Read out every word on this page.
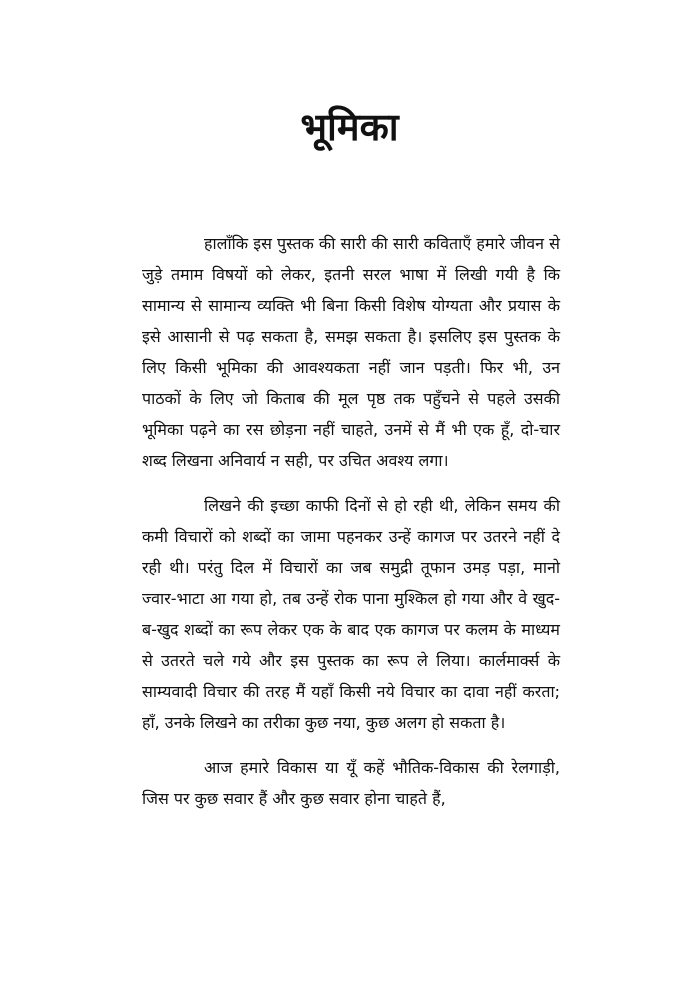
भूमिका

हालाँकि इस पुस्तक की सारी की सारी कविताएँ हमारे जीवन से जुड़े तमाम विषयों को लेकर, इतनी सरल भाषा में लिखी गयी है कि सामान्य से सामान्य व्यक्ति भी बिना किसी विशेष योग्यता और प्रयास के इसे आसानी से पढ़ सकता है, समझ सकता है। इसलिए इस पुस्तक के लिए किसी भूमिका की आवश्यकता नहीं जान पड़ती। फिर भी, उन पाठकों के लिए जो किताब की मूल पृष्ठ तक पहुँचने से पहले उसकी भूमिका पढ़ने का रस छोड़ना नहीं चाहते, उनमें से मैं भी एक हूँ, दो-चार शब्द लिखना अनिवार्य न सही, पर उचित अवश्य लगा।

लिखने की इच्छा काफी दिनों से हो रही थी, लेकिन समय की कमी विचारों को शब्दों का जामा पहनकर उन्हें कागज पर उतरने नहीं दे रही थी। परंतु दिल में विचारों का जब समुद्री तूफान उमड़ पड़ा, मानो ज्वार-भाटा आ गया हो, तब उन्हें रोक पाना मुश्किल हो गया और वे खुद-ब-खुद शब्दों का रूप लेकर एक के बाद एक कागज पर कलम के माध्यम से उतरते चले गये और इस पुस्तक का रूप ले लिया। कार्लमार्क्स के साम्यवादी विचार की तरह मैं यहाँ किसी नये विचार का दावा नहीं करता; हाँ, उनके लिखने का तरीका कुछ नया, कुछ अलग हो सकता है।

आज हमारे विकास या यूँ कहें भौतिक-विकास की रेलगाड़ी, जिस पर कुछ सवार हैं और कुछ सवार होना चाहते हैं,
